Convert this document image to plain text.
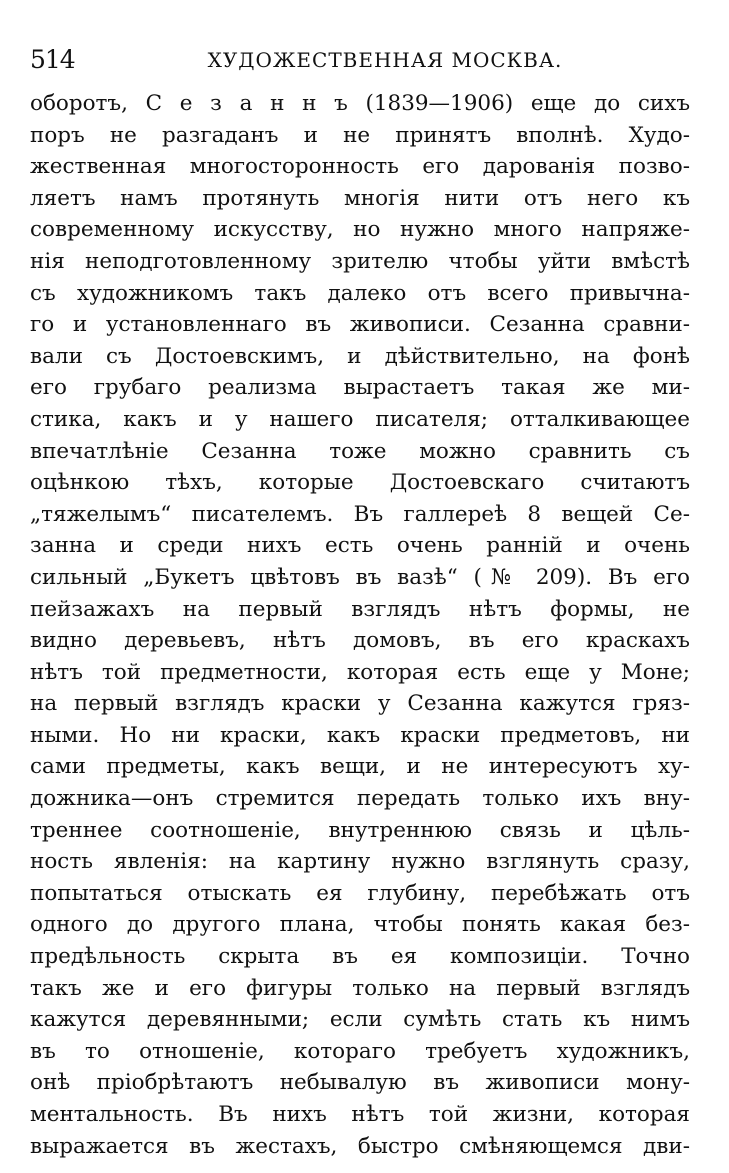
514	ХУДОЖЕСТВЕННАЯ МОСКВА.
оборотъ, С е з а н н ъ (1839—1906) еще до сихъ
поръ не разгаданъ и не принятъ вполнѣ. Худо-
жественная многосторонность его дарованія позво-
ляетъ намъ протянуть многія нити отъ него къ
современному искусству, но нужно много напряже-
нія неподготовленному зрителю чтобы уйти вмѣстѣ
съ художникомъ такъ далеко отъ всего привычна-
го и установленнаго въ живописи. Сезанна сравни-
вали съ Достоевскимъ, и дѣйствительно, на фонѣ
его грубаго реализма вырастаетъ такая же ми-
стика, какъ и у нашего писателя; отталкивающее
впечатлѣніе Сезанна тоже можно сравнить съ
оцѣнкою тѣхъ, которые Достоевскаго считаютъ
„тяжелымъ“ писателемъ. Въ галлереѣ 8 вещей Се-
занна и среди нихъ есть очень раннiй и очень
сильный „Букетъ цвѣтовъ въ вазѣ“ (№ 209). Въ его
пейзажахъ на первый взглядъ нѣтъ формы, не
видно деревьевъ, нѣтъ домовъ, въ его краскахъ
нѣтъ той предметности, которая есть еще у Моне;
на первый взглядъ краски у Сезанна кажутся гряз-
ными. Но ни краски, какъ краски предметовъ, ни
сами предметы, какъ вещи, и не интересуютъ ху-
дожника—онъ стремится передать только ихъ вну-
треннее соотношеніе, внутреннюю связь и цѣль-
ность явленія: на картину нужно взглянуть сразу,
попытаться отыскать ея глубину, перебѣжать отъ
одного до другого плана, чтобы понять какая без-
предѣльность скрыта въ ея композиціи. Точно
такъ же и его фигуры только на первый взглядъ
кажутся деревянными; если сумѣть стать къ нимъ
въ то отношеніе, котораго требуетъ художникъ,
онѣ пріобрѣтаютъ небывалую въ живописи мону-
ментальность. Въ нихъ нѣтъ той жизни, которая
выражается въ жестахъ, быстро смѣняющемся дви-
